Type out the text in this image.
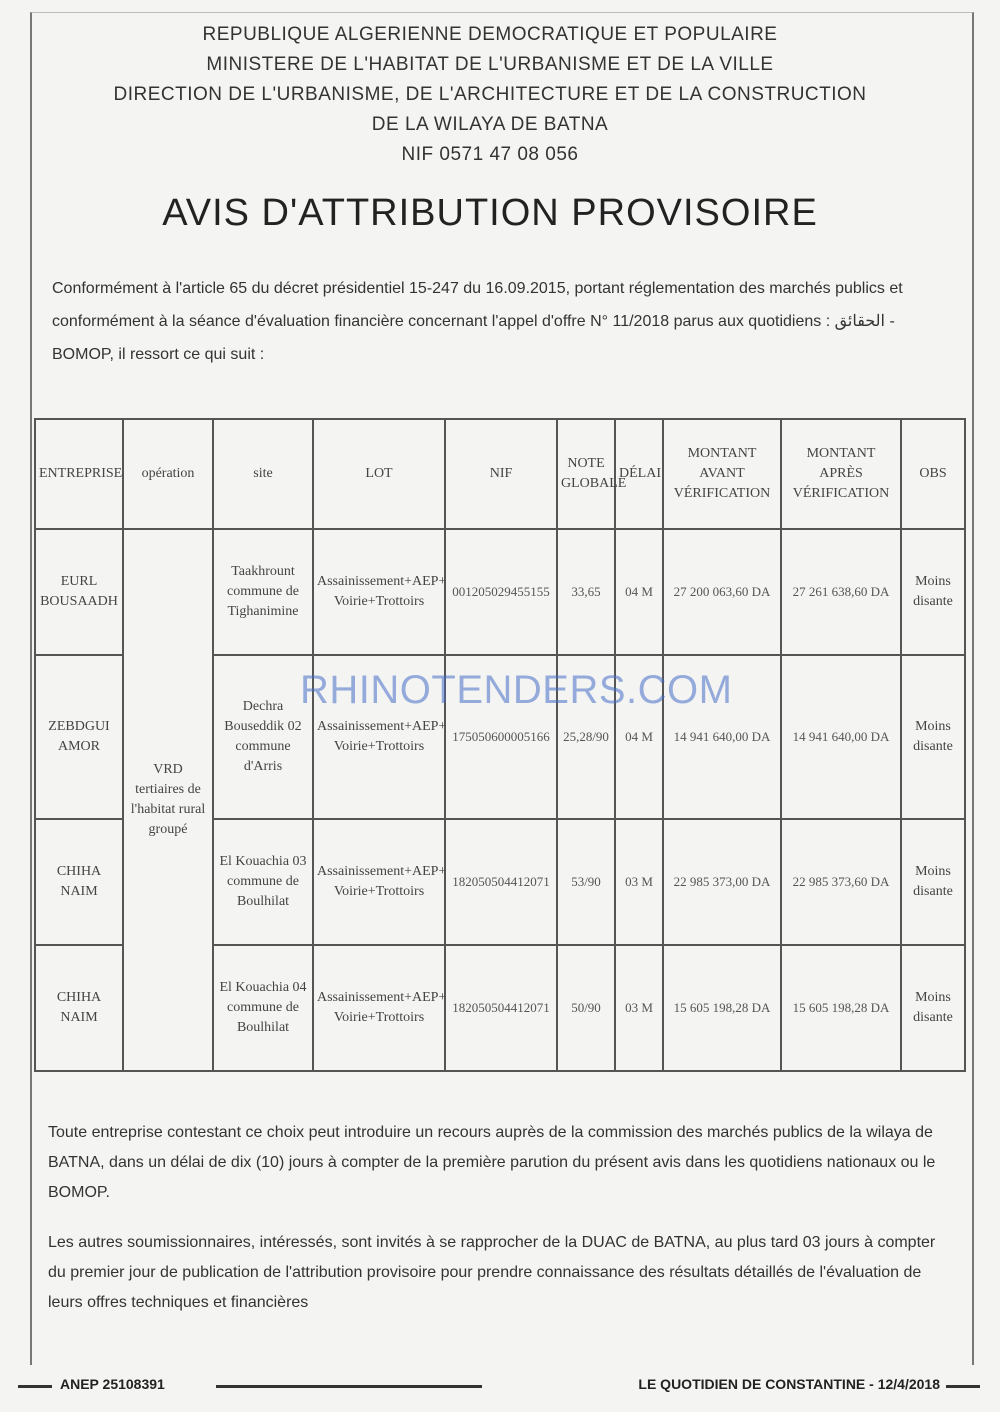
REPUBLIQUE ALGERIENNE DEMOCRATIQUE ET POPULAIRE
MINISTERE DE L'HABITAT DE L'URBANISME ET DE LA VILLE
DIRECTION DE L'URBANISME, DE L'ARCHITECTURE ET DE LA CONSTRUCTION
DE LA WILAYA DE BATNA
NIF 0571 47 08 056
AVIS D'ATTRIBUTION PROVISOIRE
Conformément à l'article 65 du décret présidentiel 15-247 du 16.09.2015, portant réglementation des marchés publics et conformément à la séance d'évaluation financière concernant l'appel d'offre N° 11/2018 parus aux quotidiens : الحقائق - BOMOP, il ressort ce qui suit :
ENTREPRISE	opération	site	LOT	NIF	NOTE GLOBALE	DÉLAI	MONTANT AVANT VÉRIFICATION	MONTANT APRÈS VÉRIFICATION	OBS
EURL BOUSAADH	VRD tertiaires de l'habitat rural groupé	Taakhrount commune de Tighanimine	Assainissement+AEP+ Voirie+Trottoirs	001205029455155	33,65	04 M	27 200 063,60 DA	27 261 638,60 DA	Moins disante
ZEBDGUI AMOR		Dechra Bouseddik 02 commune d'Arris	Assainissement+AEP+ Voirie+Trottoirs	175050600005166	25,28/90	04 M	14 941 640,00 DA	14 941 640,00 DA	Moins disante
CHIHA NAIM		El Kouachia 03 commune de Boulhilat	Assainissement+AEP+ Voirie+Trottoirs	182050504412071	53/90	03 M	22 985 373,00 DA	22 985 373,60 DA	Moins disante
CHIHA NAIM		El Kouachia 04 commune de Boulhilat	Assainissement+AEP+ Voirie+Trottoirs	182050504412071	50/90	03 M	15 605 198,28 DA	15 605 198,28 DA	Moins disante
RHINOTENDERS.COM
Toute entreprise contestant ce choix peut introduire un recours auprès de la commission des marchés publics de la wilaya de BATNA, dans un délai de dix (10) jours à compter de la première parution du présent avis dans les quotidiens nationaux ou le BOMOP.
Les autres soumissionnaires, intéressés, sont invités à se rapprocher de la DUAC de BATNA, au plus tard 03 jours à compter du premier jour de publication de l'attribution provisoire pour prendre connaissance des résultats détaillés de l'évaluation de leurs offres techniques et financières
ANEP 25108391	LE QUOTIDIEN DE CONSTANTINE - 12/4/2018
